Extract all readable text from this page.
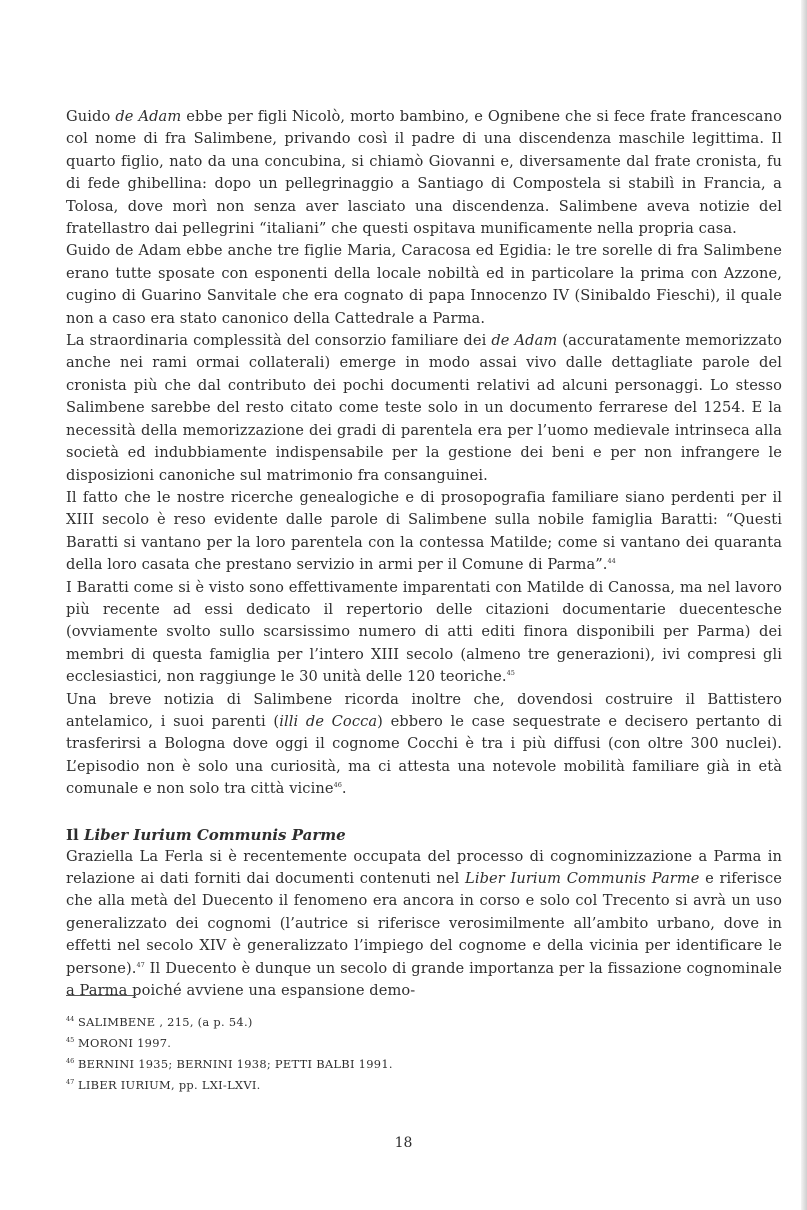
Guido de Adam ebbe per figli Nicolò, morto bambino, e Ognibene che si fece frate francescano col nome di fra Salimbene, privando così il padre di una discendenza maschile legittima. Il quarto figlio, nato da una concubina, si chiamò Giovanni e, diversamente dal frate cronista, fu di fede ghibellina: dopo un pellegrinaggio a Santiago di Compostela si stabilì in Francia, a Tolosa, dove morì non senza aver lasciato una discendenza. Salimbene aveva notizie del fratellastro dai pellegrini “italiani” che questi ospitava munificamente nella propria casa.

Guido de Adam ebbe anche tre figlie Maria, Caracosa ed Egidia: le tre sorelle di fra Salimbene erano tutte sposate con esponenti della locale nobiltà ed in particolare la prima con Azzone, cugino di Guarino Sanvitale che era cognato di papa Innocenzo IV (Sinibaldo Fieschi), il quale non a caso era stato canonico della Cattedrale a Parma.

La straordinaria complessità del consorzio familiare dei de Adam (accuratamente memorizzato anche nei rami ormai collaterali) emerge in modo assai vivo dalle dettagliate parole del cronista più che dal contributo dei pochi documenti relativi ad alcuni personaggi. Lo stesso Salimbene sarebbe del resto citato come teste solo in un documento ferrarese del 1254. E la necessità della memorizzazione dei gradi di parentela era per l’uomo medievale intrinseca alla società ed indubbiamente indispensabile per la gestione dei beni e per non infrangere le disposizioni canoniche sul matrimonio fra consanguinei.

Il fatto che le nostre ricerche genealogiche e di prosopografia familiare siano perdenti per il XIII secolo è reso evidente dalle parole di Salimbene sulla nobile famiglia Baratti: “Questi Baratti si vantano per la loro parentela con la contessa Matilde; come si vantano dei quaranta della loro casata che prestano servizio in armi per il Comune di Parma”.$^{44}$

I Baratti come si è visto sono effettivamente imparentati con Matilde di Canossa, ma nel lavoro più recente ad essi dedicato il repertorio delle citazioni documentarie duecentesche (ovviamente svolto sullo scarsissimo numero di atti editi finora disponibili per Parma) dei membri di questa famiglia per l’intero XIII secolo (almeno tre generazioni), ivi compresi gli ecclesiastici, non raggiunge le 30 unità delle 120 teoriche.$^{45}$

Una breve notizia di Salimbene ricorda inoltre che, dovendosi costruire il Battistero antelamico, i suoi parenti (illi de Cocca) ebbero le case sequestrate e decisero pertanto di trasferirsi a Bologna dove oggi il cognome Cocchi è tra i più diffusi (con oltre 300 nuclei). L’episodio non è solo una curiosità, ma ci attesta una notevole mobilità familiare già in età comunale e non solo tra città vicine$^{46}$.

Il Liber Iurium Communis Parme

Graziella La Ferla si è recentemente occupata del processo di cognominizzazione a Parma in relazione ai dati forniti dai documenti contenuti nel Liber Iurium Communis Parme e riferisce che alla metà del Duecento il fenomeno era ancora in corso e solo col Trecento si avrà un uso generalizzato dei cognomi (l’autrice si riferisce verosimilmente all’ambito urbano, dove in effetti nel secolo XIV è generalizzato l’impiego del cognome e della vicinia per identificare le persone).$^{47}$ Il Duecento è dunque un secolo di grande importanza per la fissazione cognominale a Parma poiché avviene una espansione demo-

44 SALIMBENE , 215, (a p. 54.)

45 MORONI 1997.

46 BERNINI 1935; BERNINI 1938; PETTI BALBI 1991.

47 LIBER IURIUM, pp. LXI-LXVI.

18
